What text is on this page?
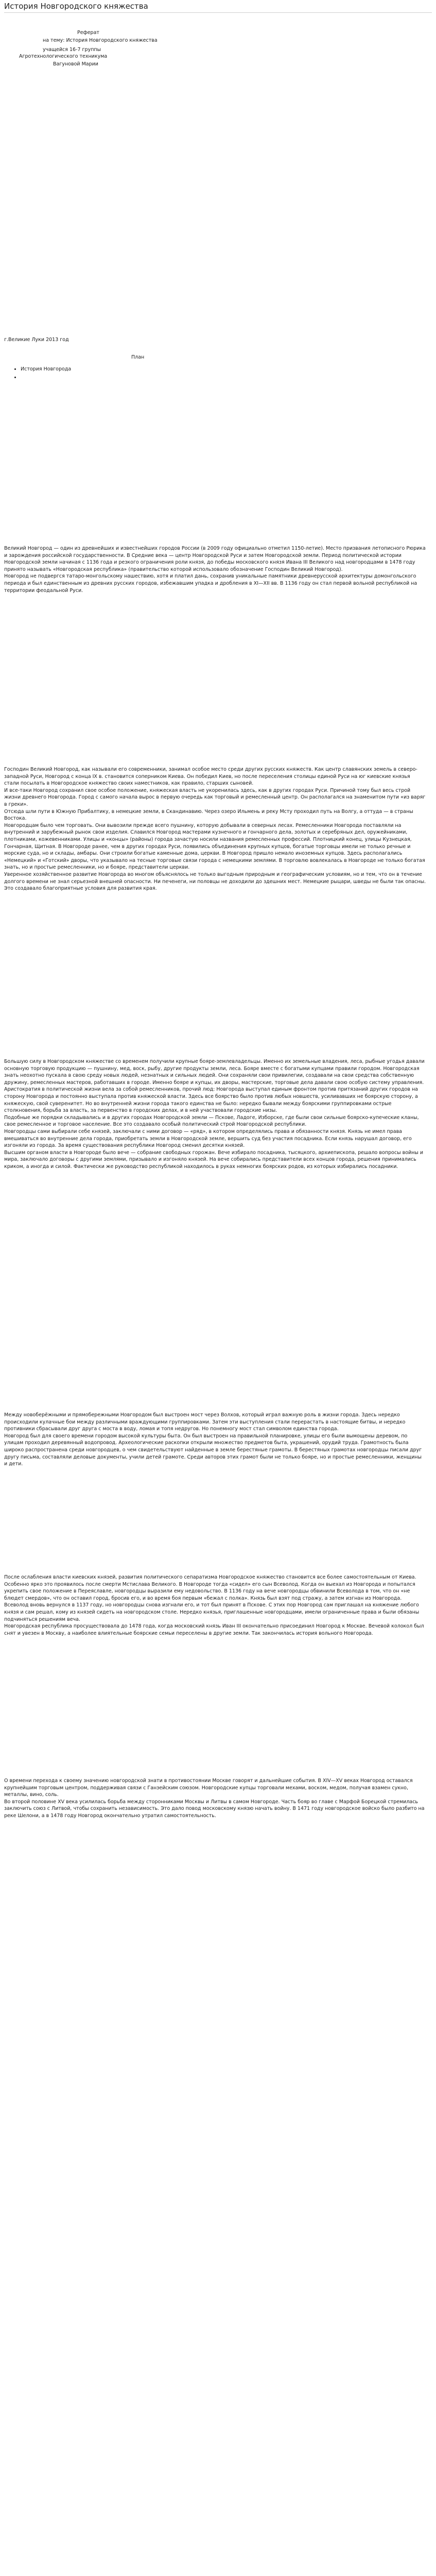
История Новгородского княжества
Реферат
на тему: История Новгородского княжества
учащейся 16-7 группы
Агротехнологического техникума
Вагуновой Марии
г.Великие Луки 2013 год
План
• История Новгорода
•

Великий Новгород — один из древнейших и известнейших городов России (в 2009 году официально отметил 1150-летие). Место призвания летописного Рюрика и зарождения российской государственности. В Средние века — центр Новгородской Руси и затем Новгородской земли. Период политической истории Новгородской земли начиная с 1136 года и резкого ограничения роли князя, до победы московского князя Ивана III Великого над новгородцами в 1478 году принято называть «Новгородская республика» (правительство которой использовало обозначение Господин Великий Новгород).

Новгород не подвергся татаро-монгольскому нашествию, хотя и платил дань, сохранив уникальные памятники древнерусской архитектуры домонгольского периода и был единственным из древних русских городов, избежавшим упадка и дробления в XI—XII вв. В 1136 году он стал первой вольной республикой на территории феодальной Руси.

Господин Великий Новгород, как называли его современники, занимал особое место среди других русских княжеств. Как центр славянских земель в северо-западной Руси, Новгород с конца IX в. становится соперником Киева. Он победил Киев, но после переселения столицы единой Руси на юг киевские князья стали посылать в Новгородское княжество своих наместников, как правило, старших сыновей.

И все-таки Новгород сохранил свое особое положение, княжеская власть не укоренилась здесь, как в других городах Руси. Причиной тому был весь строй жизни древнего Новгорода. Город с самого начала вырос в первую очередь как торговый и ремесленный центр. Он располагался на знаменитом пути «из варяг в греки».

Отсюда шли пути в Южную Прибалтику, в немецкие земли, в Скандинавию. Через озеро Ильмень и реку Мсту проходил путь на Волгу, а оттуда — в страны Востока.

Новгородцам было чем торговать. Они вывозили прежде всего пушнину, которую добывали в северных лесах. Ремесленники Новгорода поставляли на внутренний и зарубежный рынок свои изделия. Славился Новгород мастерами кузнечного и гончарного дела, золотых и серебряных дел, оружейниками, плотниками, кожевенниками. Улицы и «концы» (районы) города зачастую носили названия ремесленных профессий. Плотницкий конец, улицы Кузнецкая, Гончарная, Щитная. В Новгороде ранее, чем в других городах Руси, появились объединения крупных купцов, богатые торговцы имели не только речные и морские суда, но и склады, амбары. Они строили богатые каменные дома, церкви. В Новгород пришло немало иноземных купцов. Здесь располагались «Немецкий» и «Готский» дворы, что указывало на тесные торговые связи города с немецкими землями. В торговлю вовлекалась в Новгороде не только богатая знать, но и простые ремесленники, но и боярe, представители церкви.

Уверенное хозяйственное развитие Новгорода во многом объяснялось не только выгодным природным и географическим условиям, но и тем, что он в течение долгого времени не знал серьезной внешней опасности. Ни печенеги, ни половцы не доходили до здешних мест. Немецкие рыцари, шведы не были так опасны. Это создавало благоприятные условия для развития края.

Большую силу в Новгородском княжестве со временем получили крупные бояре-землевладельцы. Именно их земельные владения, леса, рыбные угодья давали основную торговую продукцию — пушнину, мед, воск, рыбу, другие продукты земли, леса. Бояре вместе с богатыми купцами правили городом. Новгородская знать неохотно пускала в свою среду новых людей, незнатных и сильных людей. Они сохраняли свои привилегии, создавали на свои средства собственную дружину, ремесленных мастеров, работавших в городе. Именно бояре и купцы, их дворы, мастерские, торговые дела давали свою особую систему управления.

Аристократия в политической жизни вела за собой ремесленников, прочий люд: Новгорода выступал единым фронтом против притязаний других городов на сторону Новгорода и постоянно выступала против княжеской власти. Здесь все боярство было против любых новшеств, усиливавших не боярскую сторону, а княжескую, свой суверенитет. Но во внутренней жизни города такого единства не было: нередко бывали между боярскими группировками острые столкновения, борьба за власть, за первенство в городских делах, и в ней участвовали городские низы.

Подобные же порядки складывались и в других городах Новгородской земли — Пскове, Ладоге, Изборске, где были свои сильные боярско-купеческие кланы, свое ремесленное и торговое население. Все это создавало особый политический строй Новгородской республики.

Новгородцы сами выбирали себе князей, заключали с ними договор — «ряд», в котором определялись права и обязанности князя. Князь не имел права вмешиваться во внутренние дела города, приобретать земли в Новгородской земле, вершить суд без участия посадника. Если князь нарушал договор, его изгоняли из города. За время существования республики Новгород сменил десятки князей.

Высшим органом власти в Новгороде было вече — собрание свободных горожан. Вече избирало посадника, тысяцкого, архиепископа, решало вопросы войны и мира, заключало договоры с другими землями, призывало и изгоняло князей. На вече собирались представители всех концов города, решения принимались криком, а иногда и силой. Фактически же руководство республикой находилось в руках немногих боярских родов, из которых избирались посадники.

Между новоберёжными и прямобережными Новгородом был выстроен мост через Волхов, который играл важную роль в жизни города. Здесь нередко происходили кулачные бои между различными враждующими группировками. Затем эти выступления стали перерастать в настоящие битвы, и нередко противники сбрасывали друг друга с моста в воду, ломая и топя недругов. Но понемногу мост стал символом единства города.

Новгород был для своего времени городом высокой культуры быта. Он был выстроен на правильной планировке, улицы его были вымощены деревом, по улицам проходил деревянный водопровод. Археологические раскопки открыли множество предметов быта, украшений, орудий труда. Грамотность была широко распространена среди новгородцев, о чем свидетельствуют найденные в земле берестяные грамоты. В берестяных грамотах новгородцы писали друг другу письма, составляли деловые документы, учили детей грамоте. Среди авторов этих грамот были не только бояре, но и простые ремесленники, женщины и дети.

После ослабления власти киевских князей, развития политического сепаратизма Новгородское княжество становится все более самостоятельным от Киева. Особенно ярко это проявилось после смерти Мстислава Великого. В Новгороде тогда «сидел» его сын Всеволод. Когда он выехал из Новгорода и попытался укрепить свое положение в Переяславле, новгородцы выразили ему недовольство. В 1136 году на вече новгородцы обвинили Всеволода в том, что он «не блюдет смердов», что он оставил город, бросив его, и во время боя первым «бежал с полка». Князь был взят под стражу, а затем изгнан из Новгорода.

Всеволод вновь вернулся в 1137 году, но новгородцы снова изгнали его, и тот был принят в Пскове. С этих пор Новгород сам приглашал на княжение любого князя и сам решал, кому из князей сидеть на новгородском столе. Нередко князья, приглашенные новгородцами, имели ограниченные права и были обязаны подчиняться решениям веча.

Новгородская республика просуществовала до 1478 года, когда московский князь Иван III окончательно присоединил Новгород к Москве. Вечевой колокол был снят и увезен в Москву, а наиболее влиятельные боярские семьи переселены в другие земли. Так закончилась история вольного Новгорода.

О времени перехода к своему значению новгородской знати в противостоянии Москве говорят и дальнейшие события. В XIV—XV веках Новгород оставался крупнейшим торговым центром, поддерживая связи с Ганзейским союзом. Новгородские купцы торговали мехами, воском, медом, получая взамен сукно, металлы, вино, соль.

Во второй половине XV века усилилась борьба между сторонниками Москвы и Литвы в самом Новгороде. Часть бояр во главе с Марфой Борецкой стремилась заключить союз с Литвой, чтобы сохранить независимость. Это дало повод московскому князю начать войну. В 1471 году новгородское войско было разбито на реке Шелони, а в 1478 году Новгород окончательно утратил самостоятельность.
